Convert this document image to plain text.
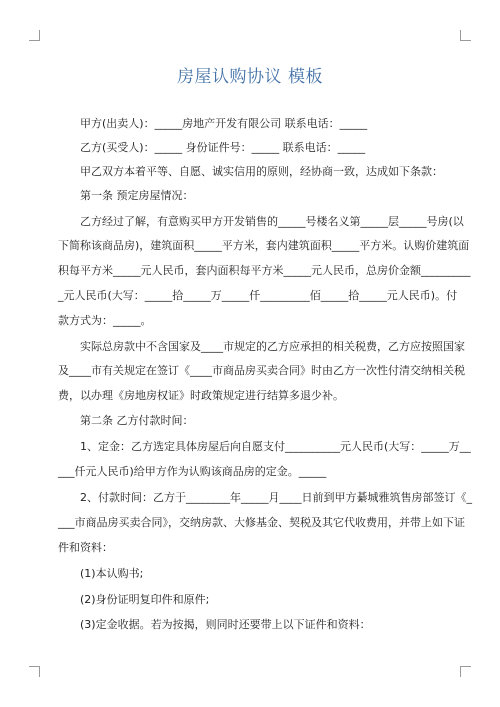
房屋认购协议 模板
甲方(出卖人)：_____房地产开发有限公司 联系电话：_____
乙方(买受人)：_____ 身份证件号：_____ 联系电话：_____
甲乙双方本着平等、自愿、诚实信用的原则，经协商一致，达成如下条款：
第一条 预定房屋情况：
乙方经过了解，有意购买甲方开发销售的_____号楼名义第_____层_____号房(以
下简称该商品房)，建筑面积_____平方米，套内建筑面积_____平方米。认购价建筑面
积每平方米_____元人民币，套内面积每平方米_____元人民币，总房价金额_________
_元人民币(大写：_____拾_____万_____仟_________佰_____拾_____元人民币)。付
款方式为：_____。
实际总房款中不含国家及____市规定的乙方应承担的相关税费，乙方应按照国家
及____市有关规定在签订《____市商品房买卖合同》时由乙方一次性付清交纳相关税
费，以办理《房地房权证》时政策规定进行结算多退少补。
第二条 乙方付款时间：
1、定金：乙方选定具体房屋后向自愿支付__________元人民币(大写：_____万__
___仟元人民币)给甲方作为认购该商品房的定金。_____
2、付款时间：乙方于________年_____月____日前到甲方綦城雅筑售房部签订《_
___市商品房买卖合同》，交纳房款、大修基金、契税及其它代收费用，并带上如下证
件和资料：
(1)本认购书;
(2)身份证明复印件和原件;
(3)定金收据。若为按揭，则同时还要带上以下证件和资料：
